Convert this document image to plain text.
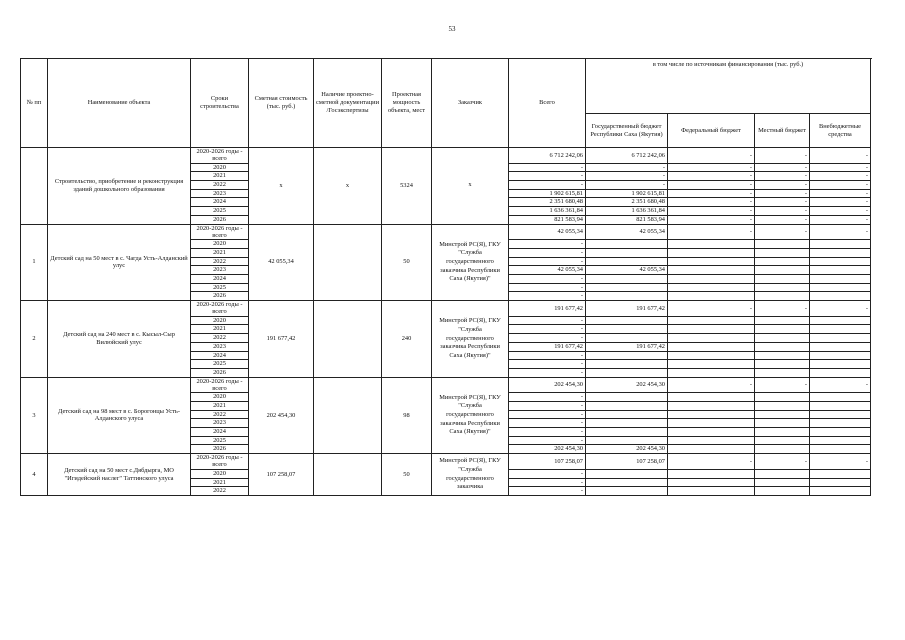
53
№ пп	Наименование объекта	Сроки строительства	Сметная стоимость (тыс. руб.)	Наличие проектно-сметной документации /Госэкспертизы	Проектная мощность объекта, мест	Заказчик	Всего	в том числе по источникам финансирования (тыс. руб.)			
								Государственный бюджет Республики Саха (Якутия)	Федеральный бюджет	Местный бюджет	Внебюджетные средства
	Строительство, приобретение и реконструкция зданий дошкольного образования	2020-2026 годы - всего	х	х	5324	х	6 712 242,06	6 712 242,06	-	-	-
		2020					-	-	-	-	-
		2021					-	-	-	-	-
		2022					-	-	-	-	-
		2023					1 902 615,81	1 902 615,81	-	-	-
		2024					2 351 680,48	2 351 680,48	-	-	-
		2025					1 636 361,84	1 636 361,84	-	-	-
		2026					821 583,94	821 583,94	-	-	-
1	Детский сад на 50 мест в с. Чагда Усть-Алданский улус	2020-2026 годы - всего	42 055,34		50	Минстрой РС(Я), ГКУ "Служба государственного заказчика Республики Саха (Якутия)"	42 055,34	42 055,34	-	-	-
		2020					-				
		2021					-				
		2022					-				
		2023					42 055,34	42 055,34			
		2024					-				
		2025					-				
		2026					-				
2	Детский сад на 240 мест в с. Кысыл-Сыр Вилюйский улус	2020-2026 годы - всего	191 677,42		240	Минстрой РС(Я), ГКУ "Служба государственного заказчика Республики Саха (Якутия)"	191 677,42	191 677,42	-	-	-
		2020					-				
		2021					-				
		2022					-				
		2023					191 677,42	191 677,42			
		2024					-				
		2025					-				
		2026					-				
3	Детский сад на 98 мест в с. Борогонцы Усть-Алданского улуса	2020-2026 годы - всего	202 454,30		98	Минстрой РС(Я), ГКУ "Служба государственного заказчика Республики Саха (Якутия)"	202 454,30	202 454,30	-	-	-
		2020					-				
		2021					-				
		2022					-				
		2023					-				
		2024					-				
		2025					-				
		2026					202 454,30	202 454,30			
4	Детский сад на 50 мест с.Дябдырга, МО "Игидейский наслег" Таттинского улуса	2020-2026 годы - всего	107 258,07		50	Минстрой РС(Я), ГКУ "Служба государственного заказчика	107 258,07	107 258,07	-	-	-
		2020					-				
		2021					-				
		2022					-				
